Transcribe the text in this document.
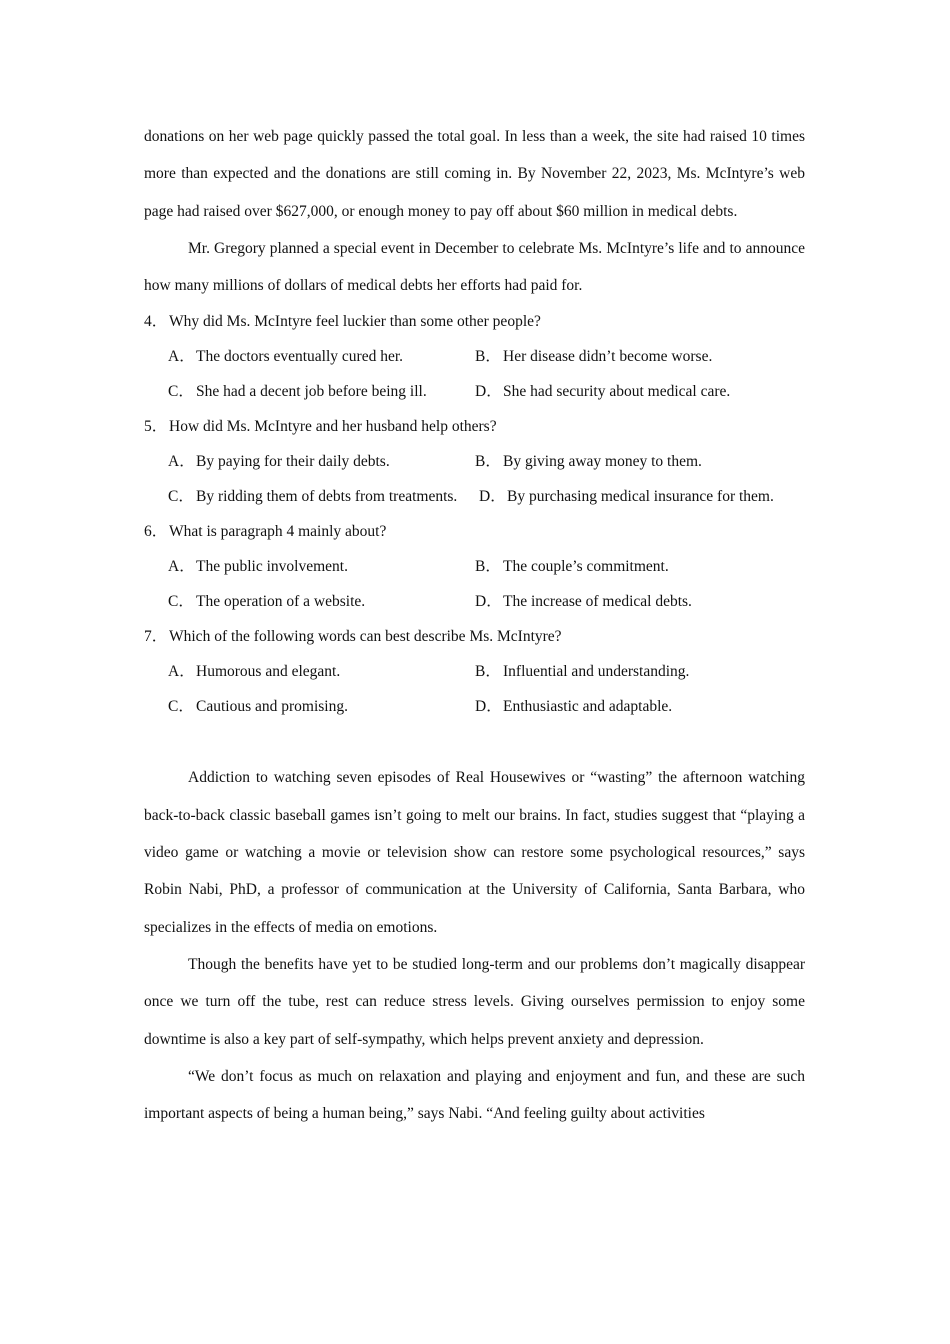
donations on her web page quickly passed the total goal. In less than a week, the site had raised 10 times more than expected and the donations are still coming in. By November 22, 2023, Ms. McIntyre’s web page had raised over $627,000, or enough money to pay off about $60 million in medical debts.

Mr. Gregory planned a special event in December to celebrate Ms. McIntyre’s life and to announce how many millions of dollars of medical debts her efforts had paid for.

4． Why did Ms. McIntyre feel luckier than some other people?
A．The doctors eventually cured her.	B． Her disease didn’t become worse.
C． She had a decent job before being ill.	D．She had security about medical care.
5． How did Ms. McIntyre and her husband help others?
A．By paying for their daily debts.	B． By giving away money to them.
C． By ridding them of debts from treatments. D．By purchasing medical insurance for them.
6． What is paragraph 4 mainly about?
A．The public involvement.	B． The couple’s commitment.
C． The operation of a website.	D．The increase of medical debts.
7． Which of the following words can best describe Ms. McIntyre?
A．Humorous and elegant.	B． Influential and understanding.
C． Cautious and promising.	D．Enthusiastic and adaptable.

Addiction to watching seven episodes of Real Housewives or “wasting” the afternoon watching back-to-back classic baseball games isn’t going to melt our brains. In fact, studies suggest that “playing a video game or watching a movie or television show can restore some psychological resources,” says Robin Nabi, PhD, a professor of communication at the University of California, Santa Barbara, who specializes in the effects of media on emotions.

Though the benefits have yet to be studied long-term and our problems don’t magically disappear once we turn off the tube, rest can reduce stress levels. Giving ourselves permission to enjoy some downtime is also a key part of self-sympathy, which helps prevent anxiety and depression.

“We don’t focus as much on relaxation and playing and enjoyment and fun, and these are such important aspects of being a human being,” says Nabi. “And feeling guilty about activities
